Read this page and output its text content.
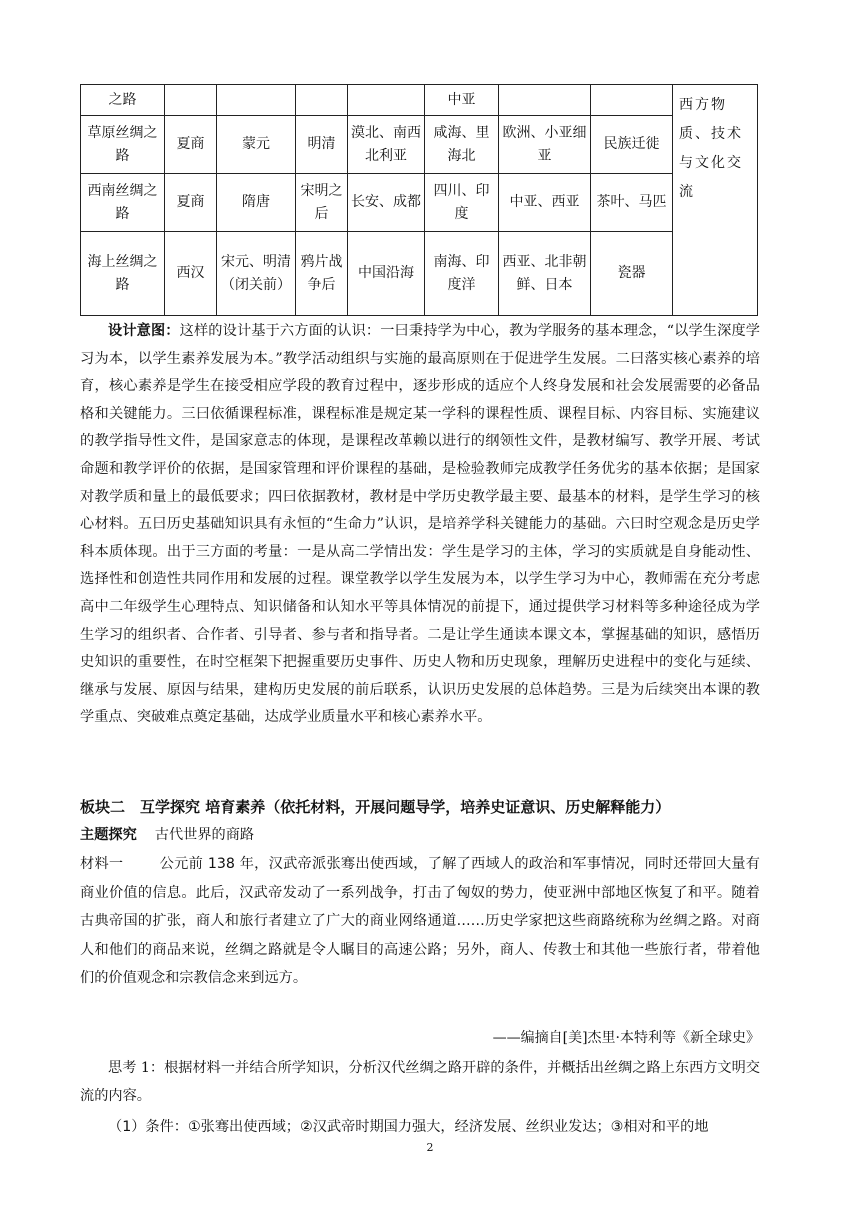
之路					中亚			西方物质、技术与文化交流
草原丝绸之路	夏商	蒙元	明清	漠北、南西北利亚	咸海、里海北	欧洲、小亚细亚	民族迁徙	
西南丝绸之路	夏商	隋唐	宋明之后	长安、成都	四川、印度	中亚、西亚	茶叶、马匹	
海上丝绸之路	西汉	宋元、明清（闭关前）	鸦片战争后	中国沿海	南海、印度洋	西亚、北非朝鲜、日本	瓷器	
设计意图：这样的设计基于六方面的认识：一曰秉持学为中心，教为学服务的基本理念，“以学生深度学习为本，以学生素养发展为本。”教学活动组织与实施的最高原则在于促进学生发展。二曰落实核心素养的培育，核心素养是学生在接受相应学段的教育过程中，逐步形成的适应个人终身发展和社会发展需要的必备品格和关键能力。三曰依循课程标准，课程标准是规定某一学科的课程性质、课程目标、内容目标、实施建议的教学指导性文件，是国家意志的体现，是课程改革赖以进行的纲领性文件，是教材编写、教学开展、考试命题和教学评价的依据，是国家管理和评价课程的基础，是检验教师完成教学任务优劣的基本依据；是国家对教学质和量上的最低要求；四曰依据教材，教材是中学历史教学最主要、最基本的材料，是学生学习的核心材料。五曰历史基础知识具有永恒的“生命力”认识，是培养学科关键能力的基础。六曰时空观念是历史学科本质体现。出于三方面的考量：一是从高二学情出发：学生是学习的主体，学习的实质就是自身能动性、选择性和创造性共同作用和发展的过程。课堂教学以学生发展为本，以学生学习为中心，教师需在充分考虑高中二年级学生心理特点、知识储备和认知水平等具体情况的前提下，通过提供学习材料等多种途径成为学生学习的组织者、合作者、引导者、参与者和指导者。二是让学生通读本课文本，掌握基础的知识，感悟历史知识的重要性，在时空框架下把握重要历史事件、历史人物和历史现象，理解历史进程中的变化与延续、继承与发展、原因与结果，建构历史发展的前后联系，认识历史发展的总体趋势。三是为后续突出本课的教学重点、突破难点奠定基础，达成学业质量水平和核心素养水平。
板块二　互学探究 培育素养（依托材料，开展问题导学，培养史证意识、历史解释能力）
主题探究 古代世界的商路
材料一	公元前 138 年，汉武帝派张骞出使西域，了解了西域人的政治和军事情况，同时还带回大量有商业价值的信息。此后，汉武帝发动了一系列战争，打击了匈奴的势力，使亚洲中部地区恢复了和平。随着古典帝国的扩张，商人和旅行者建立了广大的商业网络通道……历史学家把这些商路统称为丝绸之路。对商人和他们的商品来说，丝绸之路就是令人瞩目的高速公路；另外，商人、传教士和其他一些旅行者，带着他们的价值观念和宗教信念来到远方。
——编摘自[美]杰里·本特利等《新全球史》
思考 1：根据材料一并结合所学知识，分析汉代丝绸之路开辟的条件，并概括出丝绸之路上东西方文明交流的内容。
（1）条件：①张骞出使西域；②汉武帝时期国力强大，经济发展、丝织业发达；③相对和平的地
2
